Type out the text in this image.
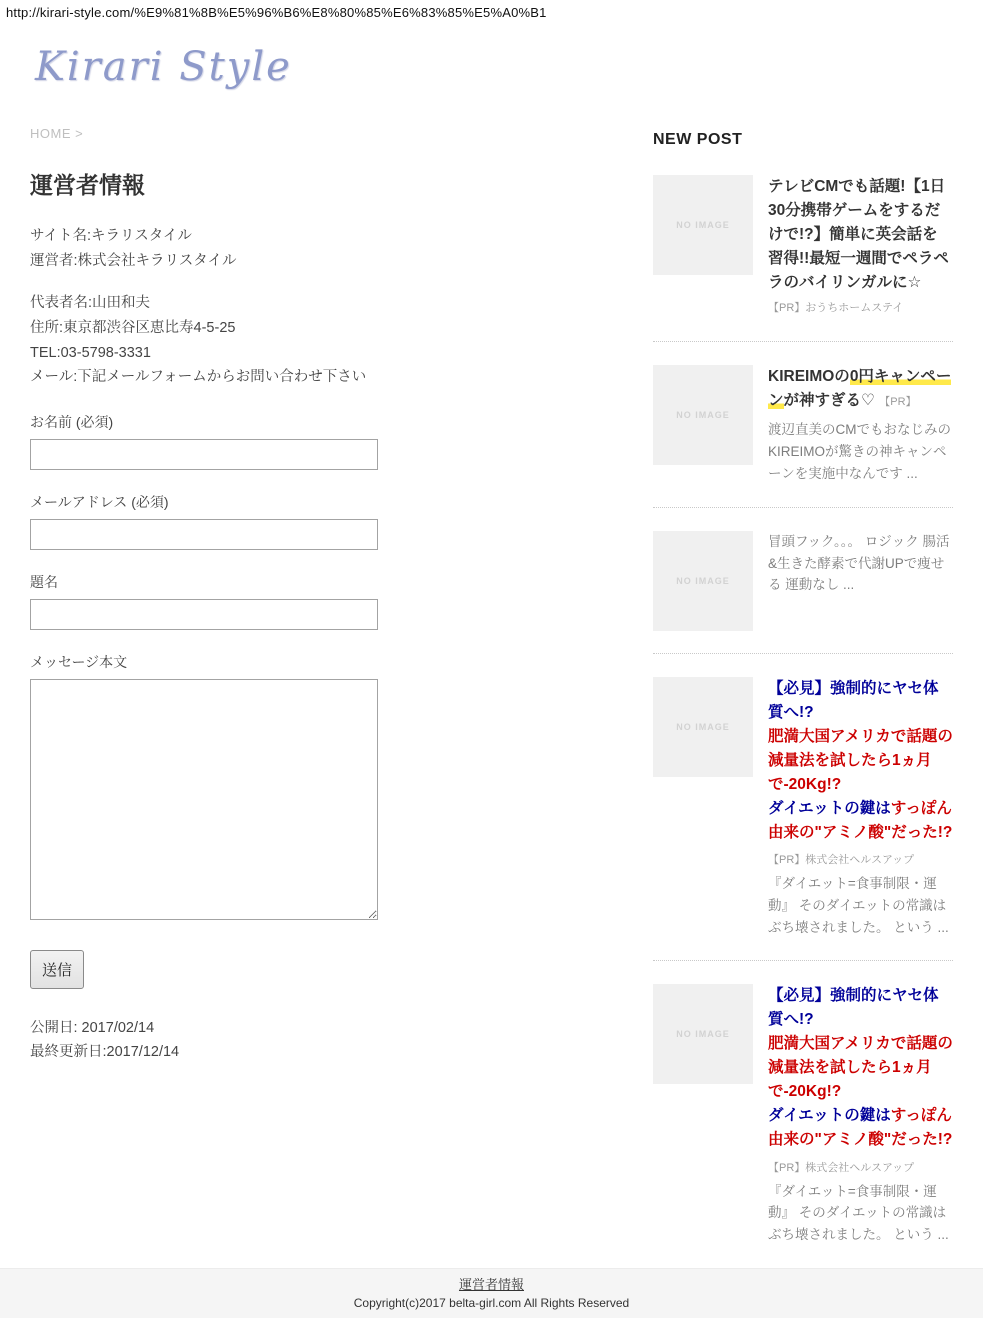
http://kirari-style.com/%E9%81%8B%E5%96%B6%E8%80%85%E6%83%85%E5%A0%B1
Kirari Style
HOME >
運営者情報
サイト名:キラリスタイル
運営者:株式会社キラリスタイル
代表者名:山田和夫
住所:東京都渋谷区恵比寿4-5-25
TEL:03-5798-3331
メール:下記メールフォームからお問い合わせ下さい
お名前 (必須)
メールアドレス (必須)
題名
メッセージ本文
送信
公開日: 2017/02/14
最終更新日:2017/12/14
NEW POST
NO IMAGE
テレビCMでも話題!【1日30分携帯ゲームをするだけで!?】簡単に英会話を習得!!最短一週間でペラペラのバイリンガルに☆ 【PR】おうちホームステイ
NO IMAGE
KIREIMOの0円キャンペーンが神すぎる♡ 【PR】
渡辺直美のCMでもおなじみのKIREIMOが驚きの神キャンペーンを実施中なんです ...
NO IMAGE
冒頭フック。。。 ロジック 腸活&生きた酵素で代謝UPで痩せる 運動なし ...
NO IMAGE
【必見】強制的にヤセ体質へ!?
肥満大国アメリカで話題の減量法を試したら1ヵ月で-20Kg!?
ダイエットの鍵はすっぽん由来の"アミノ酸"だった!?
【PR】株式会社ヘルスアップ
『ダイエット=食事制限・運動』 そのダイエットの常識はぶち壊されました。 という ...
NO IMAGE
【必見】強制的にヤセ体質へ!?
肥満大国アメリカで話題の減量法を試したら1ヵ月で-20Kg!?
ダイエットの鍵はすっぽん由来の"アミノ酸"だった!?
【PR】株式会社ヘルスアップ
『ダイエット=食事制限・運動』 そのダイエットの常識はぶち壊されました。 という ...
運営者情報
Copyright(c)2017 belta-girl.com All Rights Reserved
